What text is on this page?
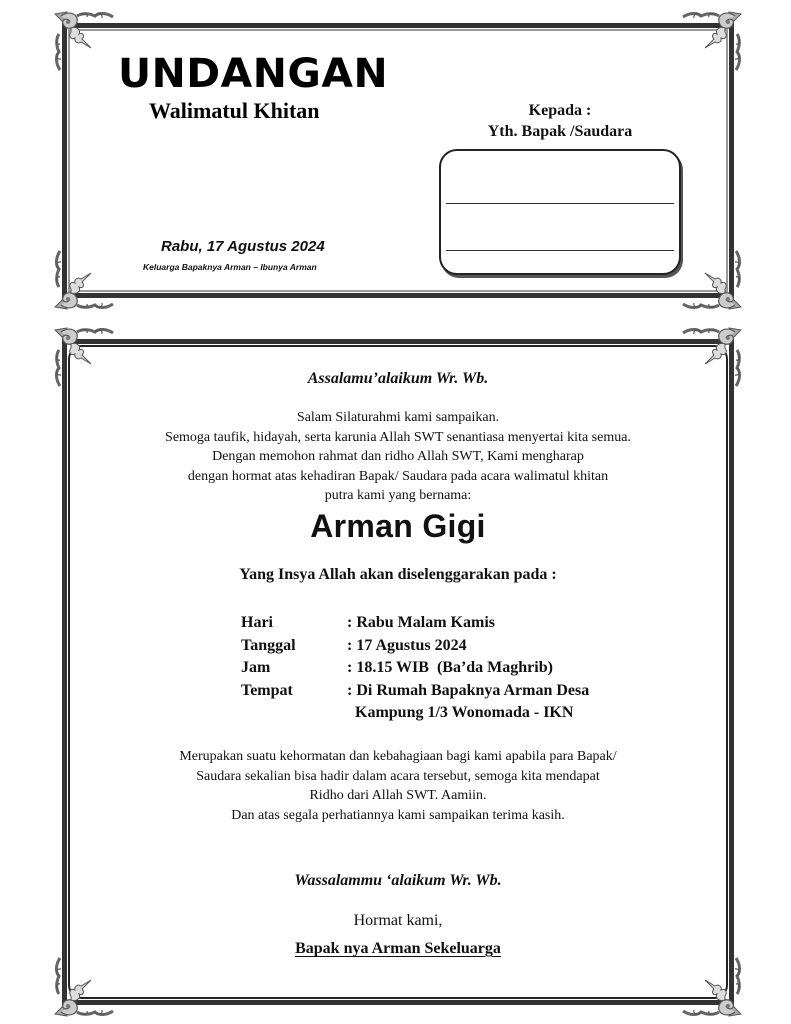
UNDANGAN
Walimatul Khitan
Rabu, 17 Agustus 2024
Keluarga Bapaknya Arman – Ibunya Arman
Kepada :
Yth. Bapak /Saudara
Assalamu’alaikum Wr. Wb.
Salam Silaturahmi kami sampaikan.
Semoga taufik, hidayah, serta karunia Allah SWT senantiasa menyertai kita semua.
Dengan memohon rahmat dan ridho Allah SWT, Kami mengharap
dengan hormat atas kehadiran Bapak/ Saudara pada acara walimatul khitan
putra kami yang bernama:
Arman Gigi
Yang Insya Allah akan diselenggarakan pada :
Hari	: Rabu Malam Kamis
Tanggal	: 17 Agustus 2024
Jam	: 18.15 WIB  (Ba’da Maghrib)
Tempat	: Di Rumah Bapaknya Arman Desa
Kampung 1/3 Wonomada - IKN
Merupakan suatu kehormatan dan kebahagiaan bagi kami apabila para Bapak/
Saudara sekalian bisa hadir dalam acara tersebut, semoga kita mendapat
Ridho dari Allah SWT. Aamiin.
Dan atas segala perhatiannya kami sampaikan terima kasih.
Wassalammu ‘alaikum Wr. Wb.
Hormat kami,
Bapak nya Arman Sekeluarga
